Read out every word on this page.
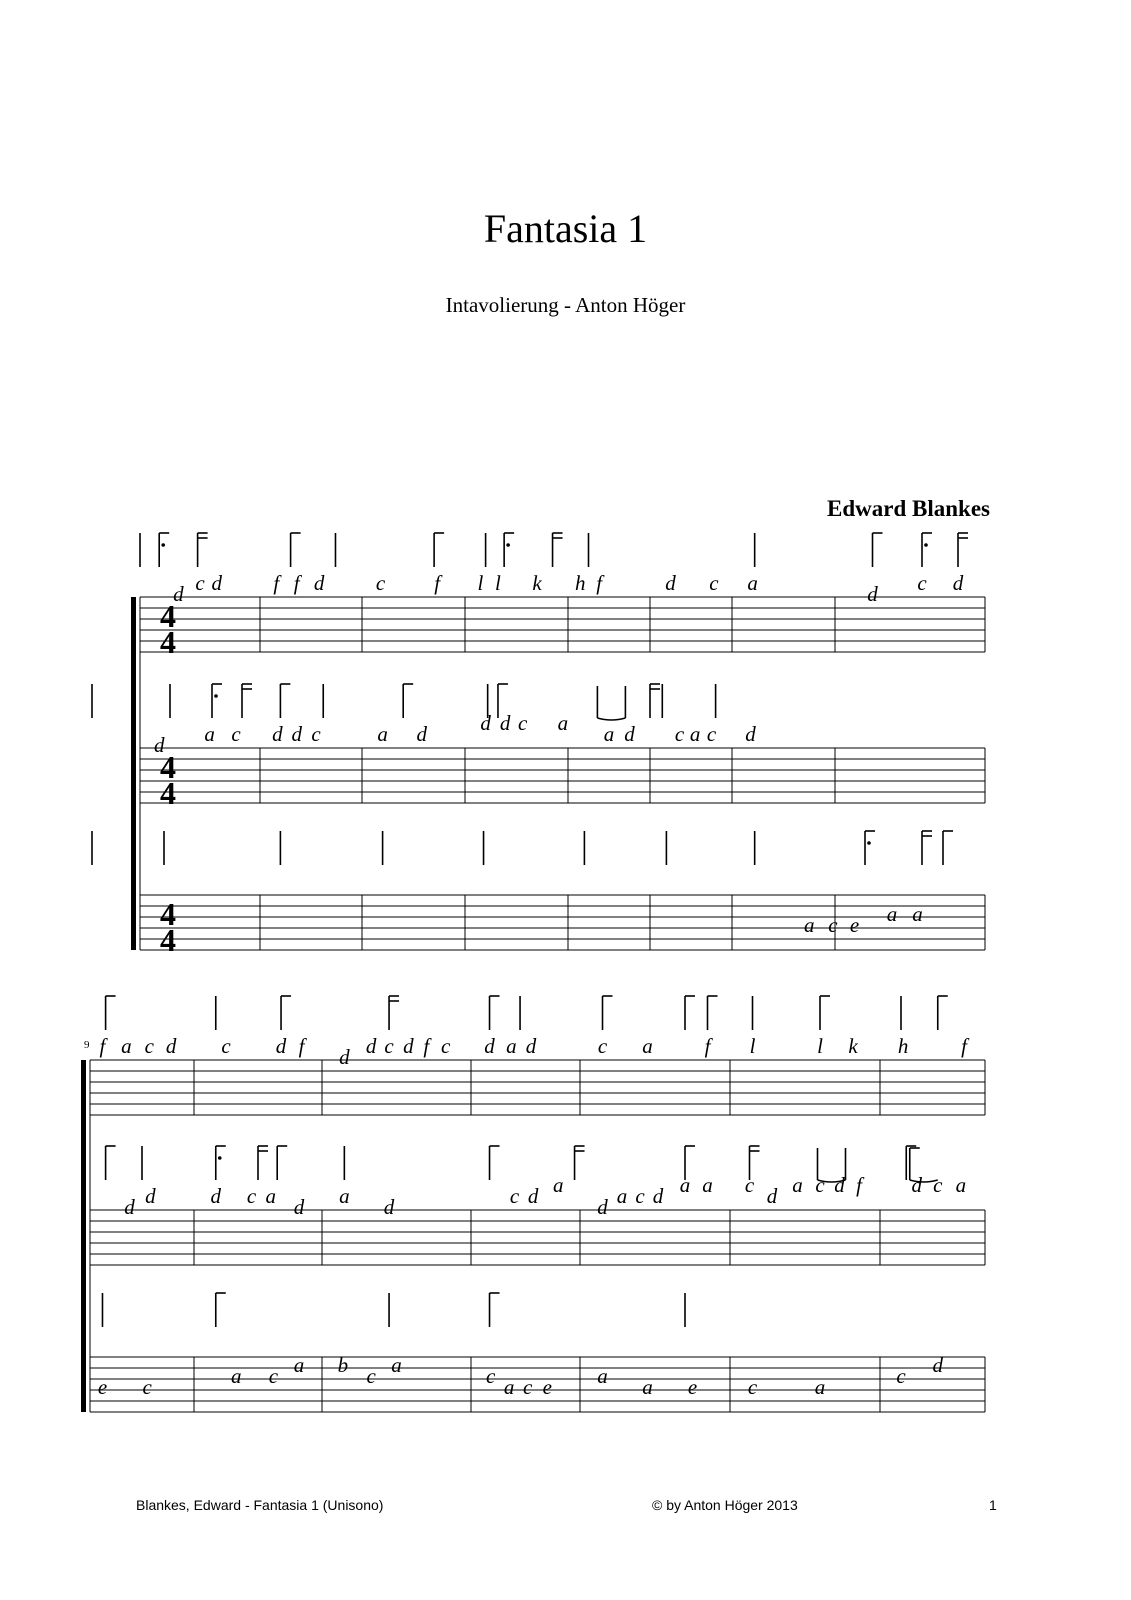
Fantasia 1
Intavolierung - Anton Höger
Edward Blankes
4
4
d c d f f d c f l l k h f	d c a	d c d
4
4
d a c d d c	a d	d d c a a d c a c d
4
4	a c e a a
9 f a c d c d f d d c d f c d a d	c a f l	l k h	f
d d	d c a d a d	c d a
d a c d a a c d a c d f d c a
e c	a c a b c a	c a c e a a e c	a	c d
Blankes, Edward - Fantasia 1 (Unisono)	© by Anton Höger 2013	1
